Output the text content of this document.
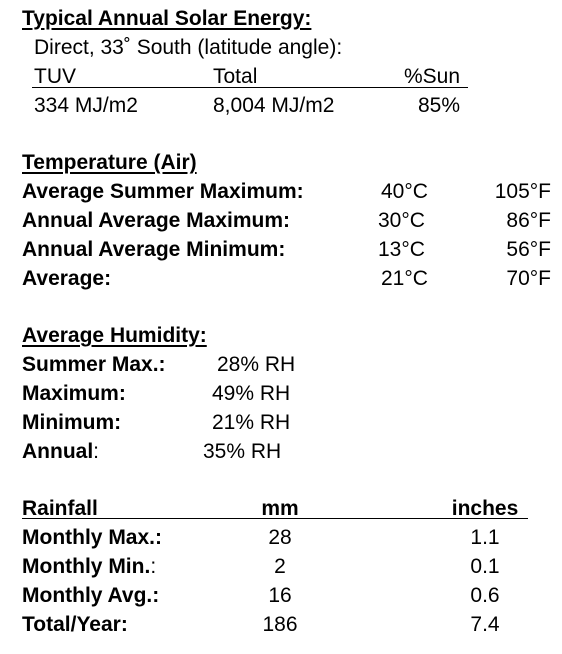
Typical Annual Solar Energy:
Direct, 33˚ South (latitude angle):
TUV	Total	%Sun
334 MJ/m2	8,004 MJ/m2	85%
Temperature (Air)
Average Summer Maximum:	40°C	105°F
Annual Average Maximum:	30°C	86°F
Annual Average Minimum:	13°C	56°F
Average:	21°C	70°F
Average Humidity:
Summer Max.: 28% RH
Maximum:	49% RH
Minimum:	21% RH
Annual:	35% RH
Rainfall	mm	inches
Monthly Max.:	28	1.1
Monthly Min.:	2	0.1
Monthly Avg.:	16	0.6
Total/Year:	186	7.4
